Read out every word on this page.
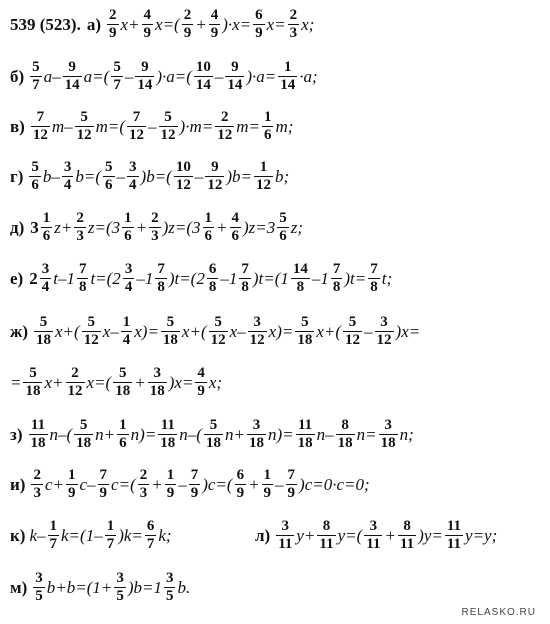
539 (523). а) 2
9 x+ 4
9 x=( 2
9 + 4
9 )·x= 6
9 x= 2
3 x;
б) 5
7 a– 9
14 a=( 5
7 – 9
14 )·a=( 10
14 – 9
14 )·a= 1
14 ·a;
в) 7
12 m– 5
12 m=( 7
12 – 5
12 )·m= 2
12 m= 1
6 m;
г) 5
6 b– 3
4 b=( 5
6 – 3
4 )b=( 10
12 – 9
12 )b= 1
12 b;
д) 3 1
6 z+ 2
3 z=(3 1
6 + 2
3 )z=(3 1
6 + 4
6 )z=3 5
6 z;
е) 2 3
4 t–1 7
8 t=(2 3
4 –1 7
8 )t=(2 6
8 –1 7
8 )t=(1 14
8 –1 7
8 )t= 7
8 t;
ж) 5
18 x+( 5
12 x– 1
4 x)= 5
18 x+( 5
12 x– 3
12 x)= 5
18 x+( 5
12 – 3
12 )x=
= 5
18 x+ 2
12 x=( 5
18 + 3
18 )x= 4
9 x;
з) 11
18 n–( 5
18 n+ 1
6 n)= 11
18 n–( 5
18 n+ 3
18 n)= 11
18 n– 8
18 n= 3
18 n;
и) 2
3 c+ 1
9 c– 7
9 c=( 2
3 + 1
9 – 7
9 )c=( 6
9 + 1
9 – 7
9 )c=0·c=0;
к) k– 1
7 k=(1– 1
7 )k= 6
7 k;	л) 3
11 y+ 8
11 y=( 3
11 + 8
11 )y= 11
11 y=y;
м) 3
5 b+b=(1+ 3
5 )b=1 3
5 b.
RELASKO.RU
